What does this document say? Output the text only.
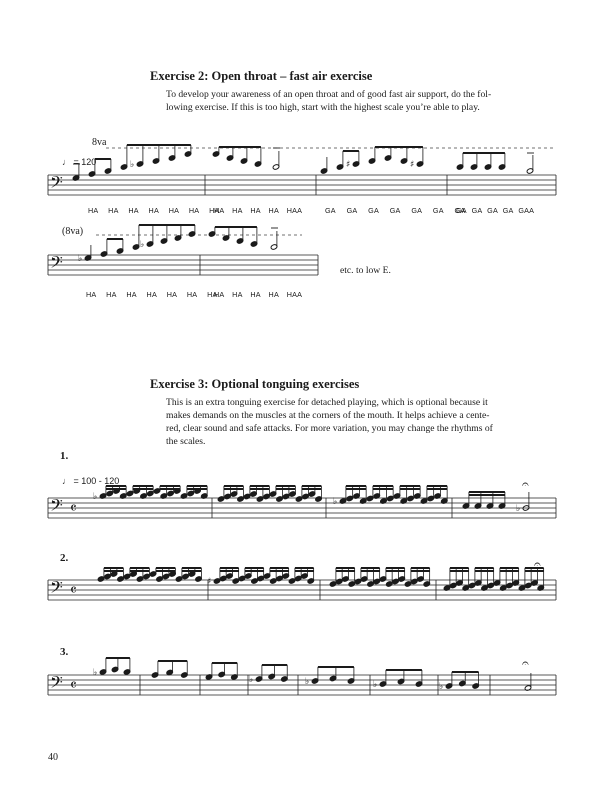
Exercise 2: Open throat – fast air exercise
To develop your awareness of an open throat and of good fast air support, do the fol-
lowing exercise. If this is too high, start with the highest scale you’re able to play.
8va
♩ = 120
HA HA HA HA HA HA HA
HA HA HA HA HAA	GA GA GA GA GA GA GA
GA GA GA GA GAA
(8va)
HA HA HA HA HA HA HA
HA HA HA HA HAA
etc. to low E.
Exercise 3: Optional tonguing exercises
This is an extra tonguing exercise for detached playing, which is optional because it
makes demands on the muscles at the corners of the mouth. It helps achieve a cente-
red, clear sound and safe attacks. For more variation, you may change the rhythms of
the scales.
1.
♩ = 100 - 120
2.
3.
40
𝄢
♭	♯	♯
𝄢 ♭
♭
𝄢 𝄴
♭	♭
♭
𝄐
𝄢 𝄴	♯
𝄐
𝄢 𝄴
♭
♭	♭	♭	♭
𝄐
